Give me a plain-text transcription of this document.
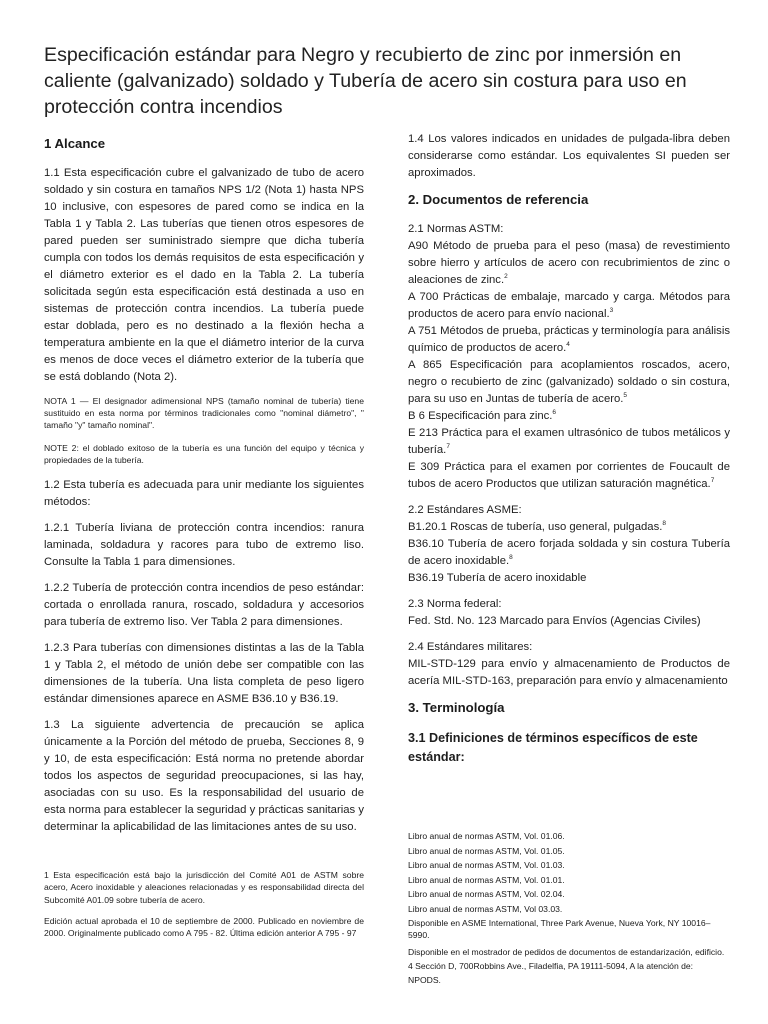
Especificación estándar para Negro y recubierto de zinc por inmersión en caliente (galvanizado) soldado y Tubería de acero sin costura para uso en protección contra incendios
1 Alcance

1.1 Esta especificación cubre el galvanizado de tubo de acero soldado y sin costura en tamaños NPS 1/2 (Nota 1) hasta NPS 10 inclusive, con espesores de pared como se indica en la Tabla 1 y Tabla 2. Las tuberías que tienen otros espesores de pared pueden ser suministrado siempre que dicha tubería cumpla con todos los demás requisitos de esta especificación y el diámetro exterior es el dado en la Tabla 2. La tubería solicitada según esta especificación está destinada a uso en sistemas de protección contra incendios. La tubería puede estar doblada, pero es no destinado a la flexión hecha a temperatura ambiente en la que el diámetro interior de la curva es menos de doce veces el diámetro exterior de la tubería que se está doblando (Nota 2).

NOTA 1 — El designador adimensional NPS (tamaño nominal de tubería) tiene sustituido en esta norma por términos tradicionales como "nominal diámetro", " tamaño "y" tamaño nominal".
NOTE 2: el doblado exitoso de la tubería es una función del equipo y técnica y propiedades de la tubería.

1.2 Esta tubería es adecuada para unir mediante los siguientes métodos:

1.2.1 Tubería liviana de protección contra incendios: ranura laminada, soldadura y racores para tubo de extremo liso. Consulte la Tabla 1 para dimensiones.

1.2.2 Tubería de protección contra incendios de peso estándar: cortada o enrollada ranura, roscado, soldadura y accesorios para tubería de extremo liso. Ver Tabla 2 para dimensiones.

1.2.3 Para tuberías con dimensiones distintas a las de la Tabla 1 y Tabla 2, el método de unión debe ser compatible con las dimensiones de la tubería. Una lista completa de peso ligero estándar dimensiones aparece en ASME B36.10 y B36.19.

1.3 La siguiente advertencia de precaución se aplica únicamente a la Porción del método de prueba, Secciones 8, 9 y 10, de esta especificación: Está norma no pretende abordar todos los aspectos de seguridad preocupaciones, si las hay, asociadas con su uso. Es la responsabilidad del usuario de esta norma para establecer la seguridad y prácticas sanitarias y determinar la aplicabilidad de las limitaciones antes de su uso.

1 Esta especificación está bajo la jurisdicción del Comité A01 de ASTM sobre acero, Acero inoxidable y aleaciones relacionadas y es responsabilidad directa del Subcomité A01.09 sobre tubería de acero.
Edición actual aprobada el 10 de septiembre de 2000. Publicado en noviembre de 2000. Originalmente publicado como A 795 - 82. Última edición anterior A 795 - 97

1.4 Los valores indicados en unidades de pulgada-libra deben considerarse como estándar. Los equivalentes SI pueden ser aproximados.

2. Documentos de referencia
2.1 Normas ASTM:
A90 Método de prueba para el peso (masa) de revestimiento sobre hierro y artículos de acero con recubrimientos de zinc o aleaciones de zinc.$^2$
A 700 Prácticas de embalaje, marcado y carga. Métodos para productos de acero para envío nacional.$^3$
A 751 Métodos de prueba, prácticas y terminología para análisis químico de productos de acero.$^4$
A 865 Especificación para acoplamientos roscados, acero, negro o recubierto de zinc (galvanizado) soldado o sin costura, para su uso en Juntas de tubería de acero.$^5$
B 6 Especificación para zinc.$^6$
E 213 Práctica para el examen ultrasónico de tubos metálicos y tubería.$^7$
E 309 Práctica para el examen por corrientes de Foucault de tubos de acero Productos que utilizan saturación magnética.$^7$
2.2 Estándares ASME:
B1.20.1 Roscas de tubería, uso general, pulgadas.$^8$
B36.10 Tubería de acero forjada soldada y sin costura Tubería de acero inoxidable.$^8$
B36.19 Tubería de acero inoxidable
2.3 Norma federal:
Fed. Std. No. 123 Marcado para Envíos (Agencias Civiles)
2.4 Estándares militares:
MIL-STD-129 para envío y almacenamiento de Productos de acería MIL-STD-163, preparación para envío y almacenamiento
3. Terminología
3.1 Definiciones de términos específicos de este estándar:
Libro anual de normas ASTM, Vol. 01.06.
Libro anual de normas ASTM, Vol. 01.05.
Libro anual de normas ASTM, Vol. 01.03.
Libro anual de normas ASTM, Vol. 01.01.
Libro anual de normas ASTM, Vol. 02.04.
Libro anual de normas ASTM, Vol 03.03.
Disponible en ASME International, Three Park Avenue, Nueva York, NY 10016–5990.
Disponible en el mostrador de pedidos de documentos de estandarización, edificio. 4 Sección D, 700Robbins Ave., Filadelfia, PA 19111-5094, A la atención de: NPODS.
